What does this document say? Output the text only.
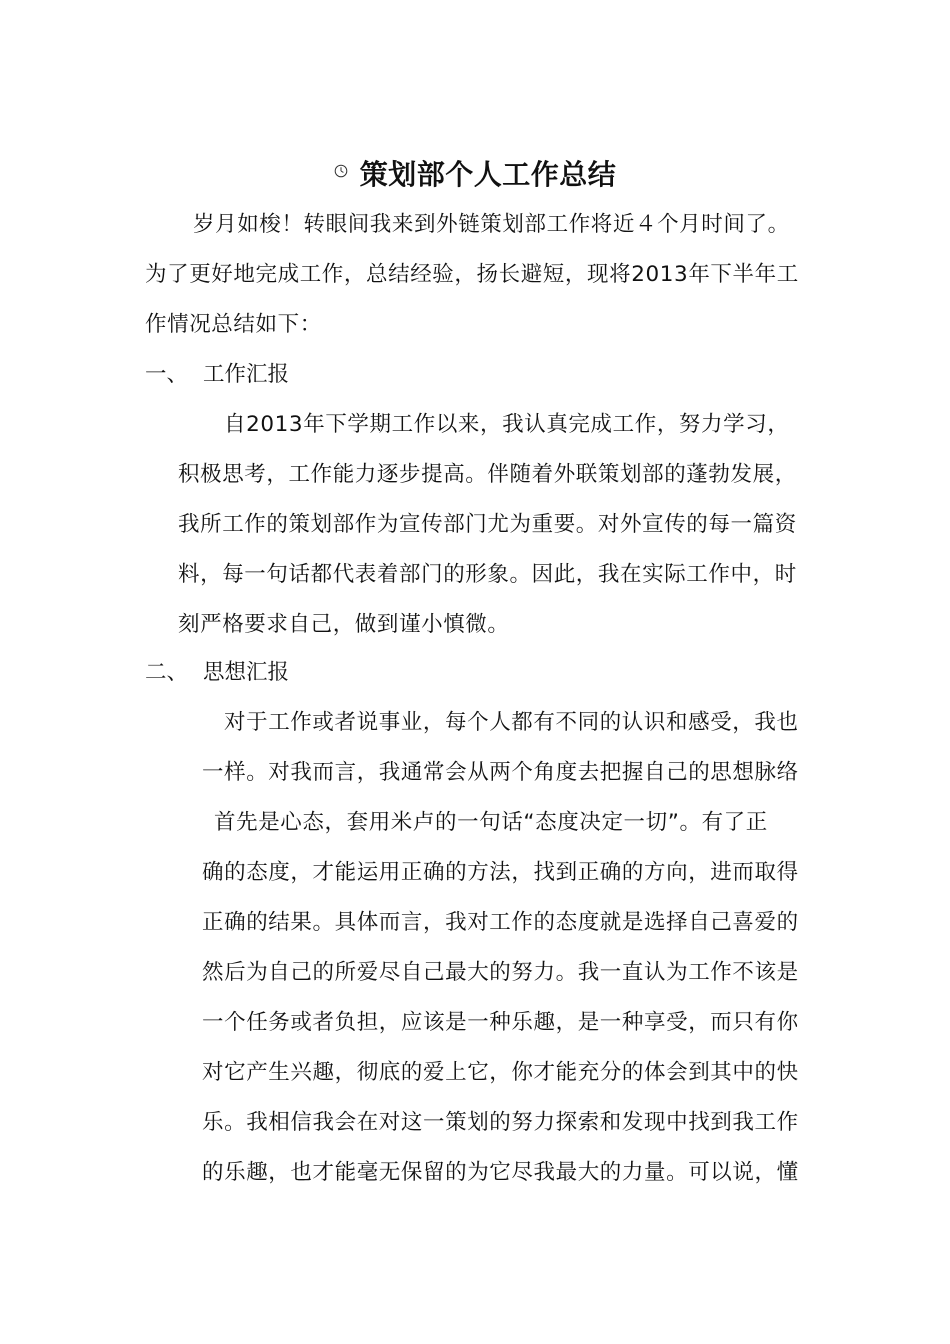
策划部个人工作总结
岁月如梭！转眼间我来到外链策划部工作将近４个月时间了。
为了更好地完成工作，总结经验，扬长避短，现将2013年下半年工
作情况总结如下：
一、 工作汇报
自2013年下学期工作以来，我认真完成工作，努力学习，
积极思考，工作能力逐步提高。伴随着外联策划部的蓬勃发展，
我所工作的策划部作为宣传部门尤为重要。对外宣传的每一篇资
料，每一句话都代表着部门的形象。因此，我在实际工作中，时
刻严格要求自己，做到谨小慎微。
二、 思想汇报
对于工作或者说事业，每个人都有不同的认识和感受，我也
一样。对我而言，我通常会从两个角度去把握自己的思想脉络
首先是心态，套用米卢的一句话“态度决定一切”。有了正
确的态度，才能运用正确的方法，找到正确的方向，进而取得
正确的结果。具体而言，我对工作的态度就是选择自己喜爱的
然后为自己的所爱尽自己最大的努力。我一直认为工作不该是
一个任务或者负担，应该是一种乐趣，是一种享受，而只有你
对它产生兴趣，彻底的爱上它，你才能充分的体会到其中的快
乐。我相信我会在对这一策划的努力探索和发现中找到我工作
的乐趣，也才能毫无保留的为它尽我最大的力量。可以说，懂
